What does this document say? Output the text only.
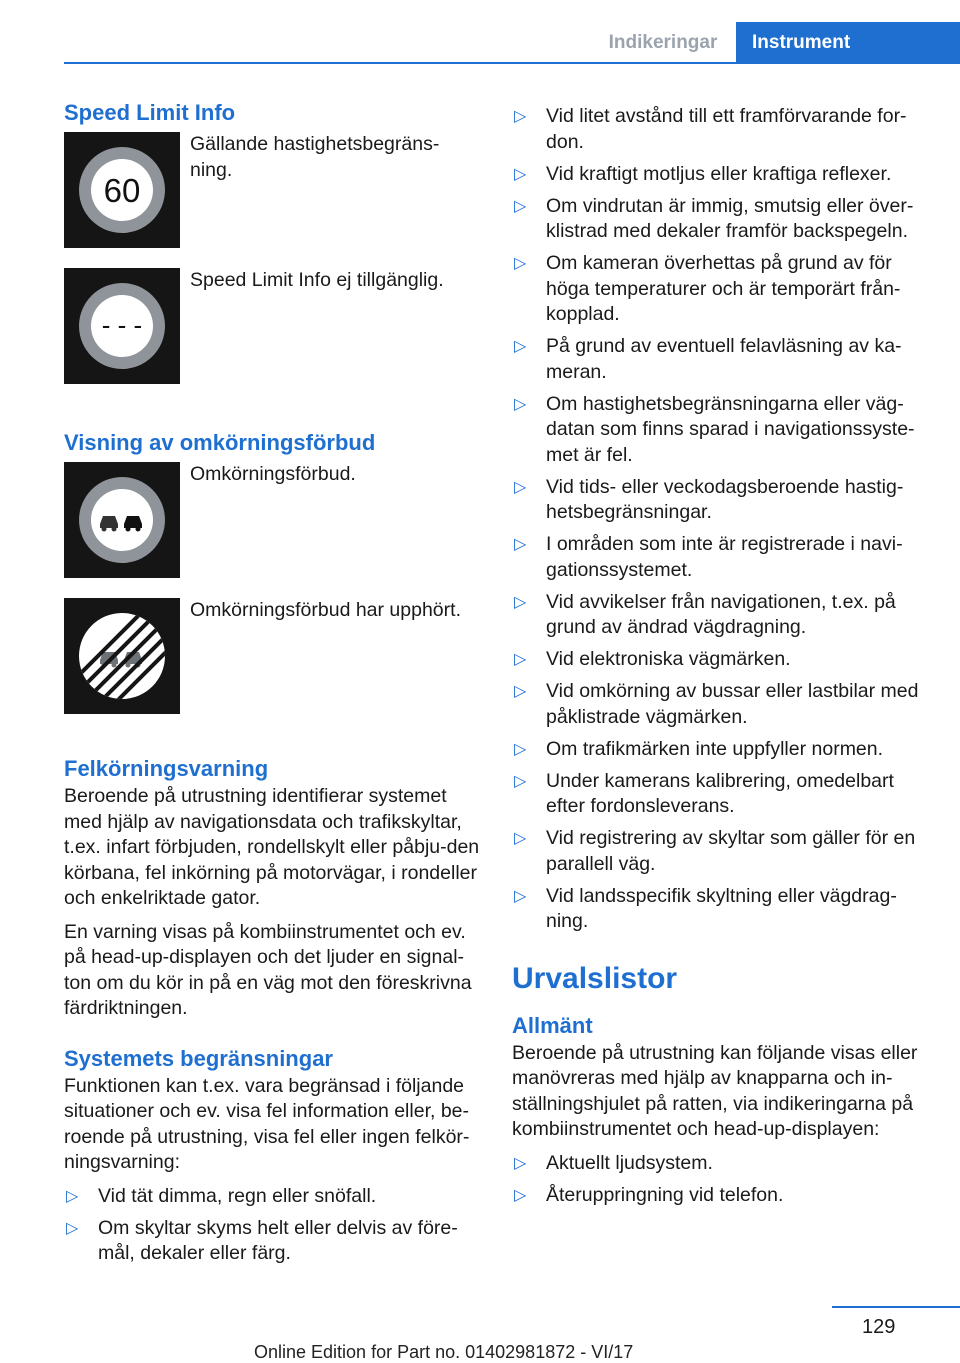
Indikeringar	Instrument
Speed Limit Info
60
Gällande hastighetsbegräns-ning.
- - -
Speed Limit Info ej tillgänglig.
Visning av omkörningsförbud
Omkörningsförbud.
Omkörningsförbud har upphört.
Felkörningsvarning

Beroende på utrustning identifierar systemet med hjälp av navigationsdata och trafikskyltar, t.ex. infart förbjuden, rondellskylt eller påbju-den körbana, fel inkörning på motorvägar, i rondeller och enkelriktade gator.

En varning visas på kombiinstrumentet och ev. på head-up-displayen och det ljuder en signal-ton om du kör in på en väg mot den föreskrivna färdriktningen.

Systemets begränsningar

Funktionen kan t.ex. vara begränsad i följande situationer och ev. visa fel information eller, be-roende på utrustning, visa fel eller ingen felkör-ningsvarning:

▷ Vid tät dimma, regn eller snöfall.
▷ Om skyltar skyms helt eller delvis av före-mål, dekaler eller färg.
▷ Vid litet avstånd till ett framförvarande for-don.
▷ Vid kraftigt motljus eller kraftiga reflexer.
▷ Om vindrutan är immig, smutsig eller över-klistrad med dekaler framför backspegeln.
▷ Om kameran överhettas på grund av för höga temperaturer och är temporärt från-kopplad.
▷ På grund av eventuell felavläsning av ka-meran.
▷ Om hastighetsbegränsningarna eller väg-datan som finns sparad i navigationssyste-met är fel.
▷ Vid tids- eller veckodagsberoende hastig-hetsbegränsningar.
▷ I områden som inte är registrerade i navi-gationssystemet.
▷ Vid avvikelser från navigationen, t.ex. på grund av ändrad vägdragning.
▷ Vid elektroniska vägmärken.
▷ Vid omkörning av bussar eller lastbilar med påklistrade vägmärken.
▷ Om trafikmärken inte uppfyller normen.
▷ Under kamerans kalibrering, omedelbart efter fordonsleverans.
▷ Vid registrering av skyltar som gäller för en parallell väg.
▷ Vid landsspecifik skyltning eller vägdrag-ning.
Urvalslistor
Allmänt

Beroende på utrustning kan följande visas eller manövreras med hjälp av knapparna och in-ställningshjulet på ratten, via indikeringarna på kombiinstrumentet och head-up-displayen:

▷ Aktuellt ljudsystem.
▷ Återuppringning vid telefon.
129
Online Edition for Part no. 01402981872 - VI/17
